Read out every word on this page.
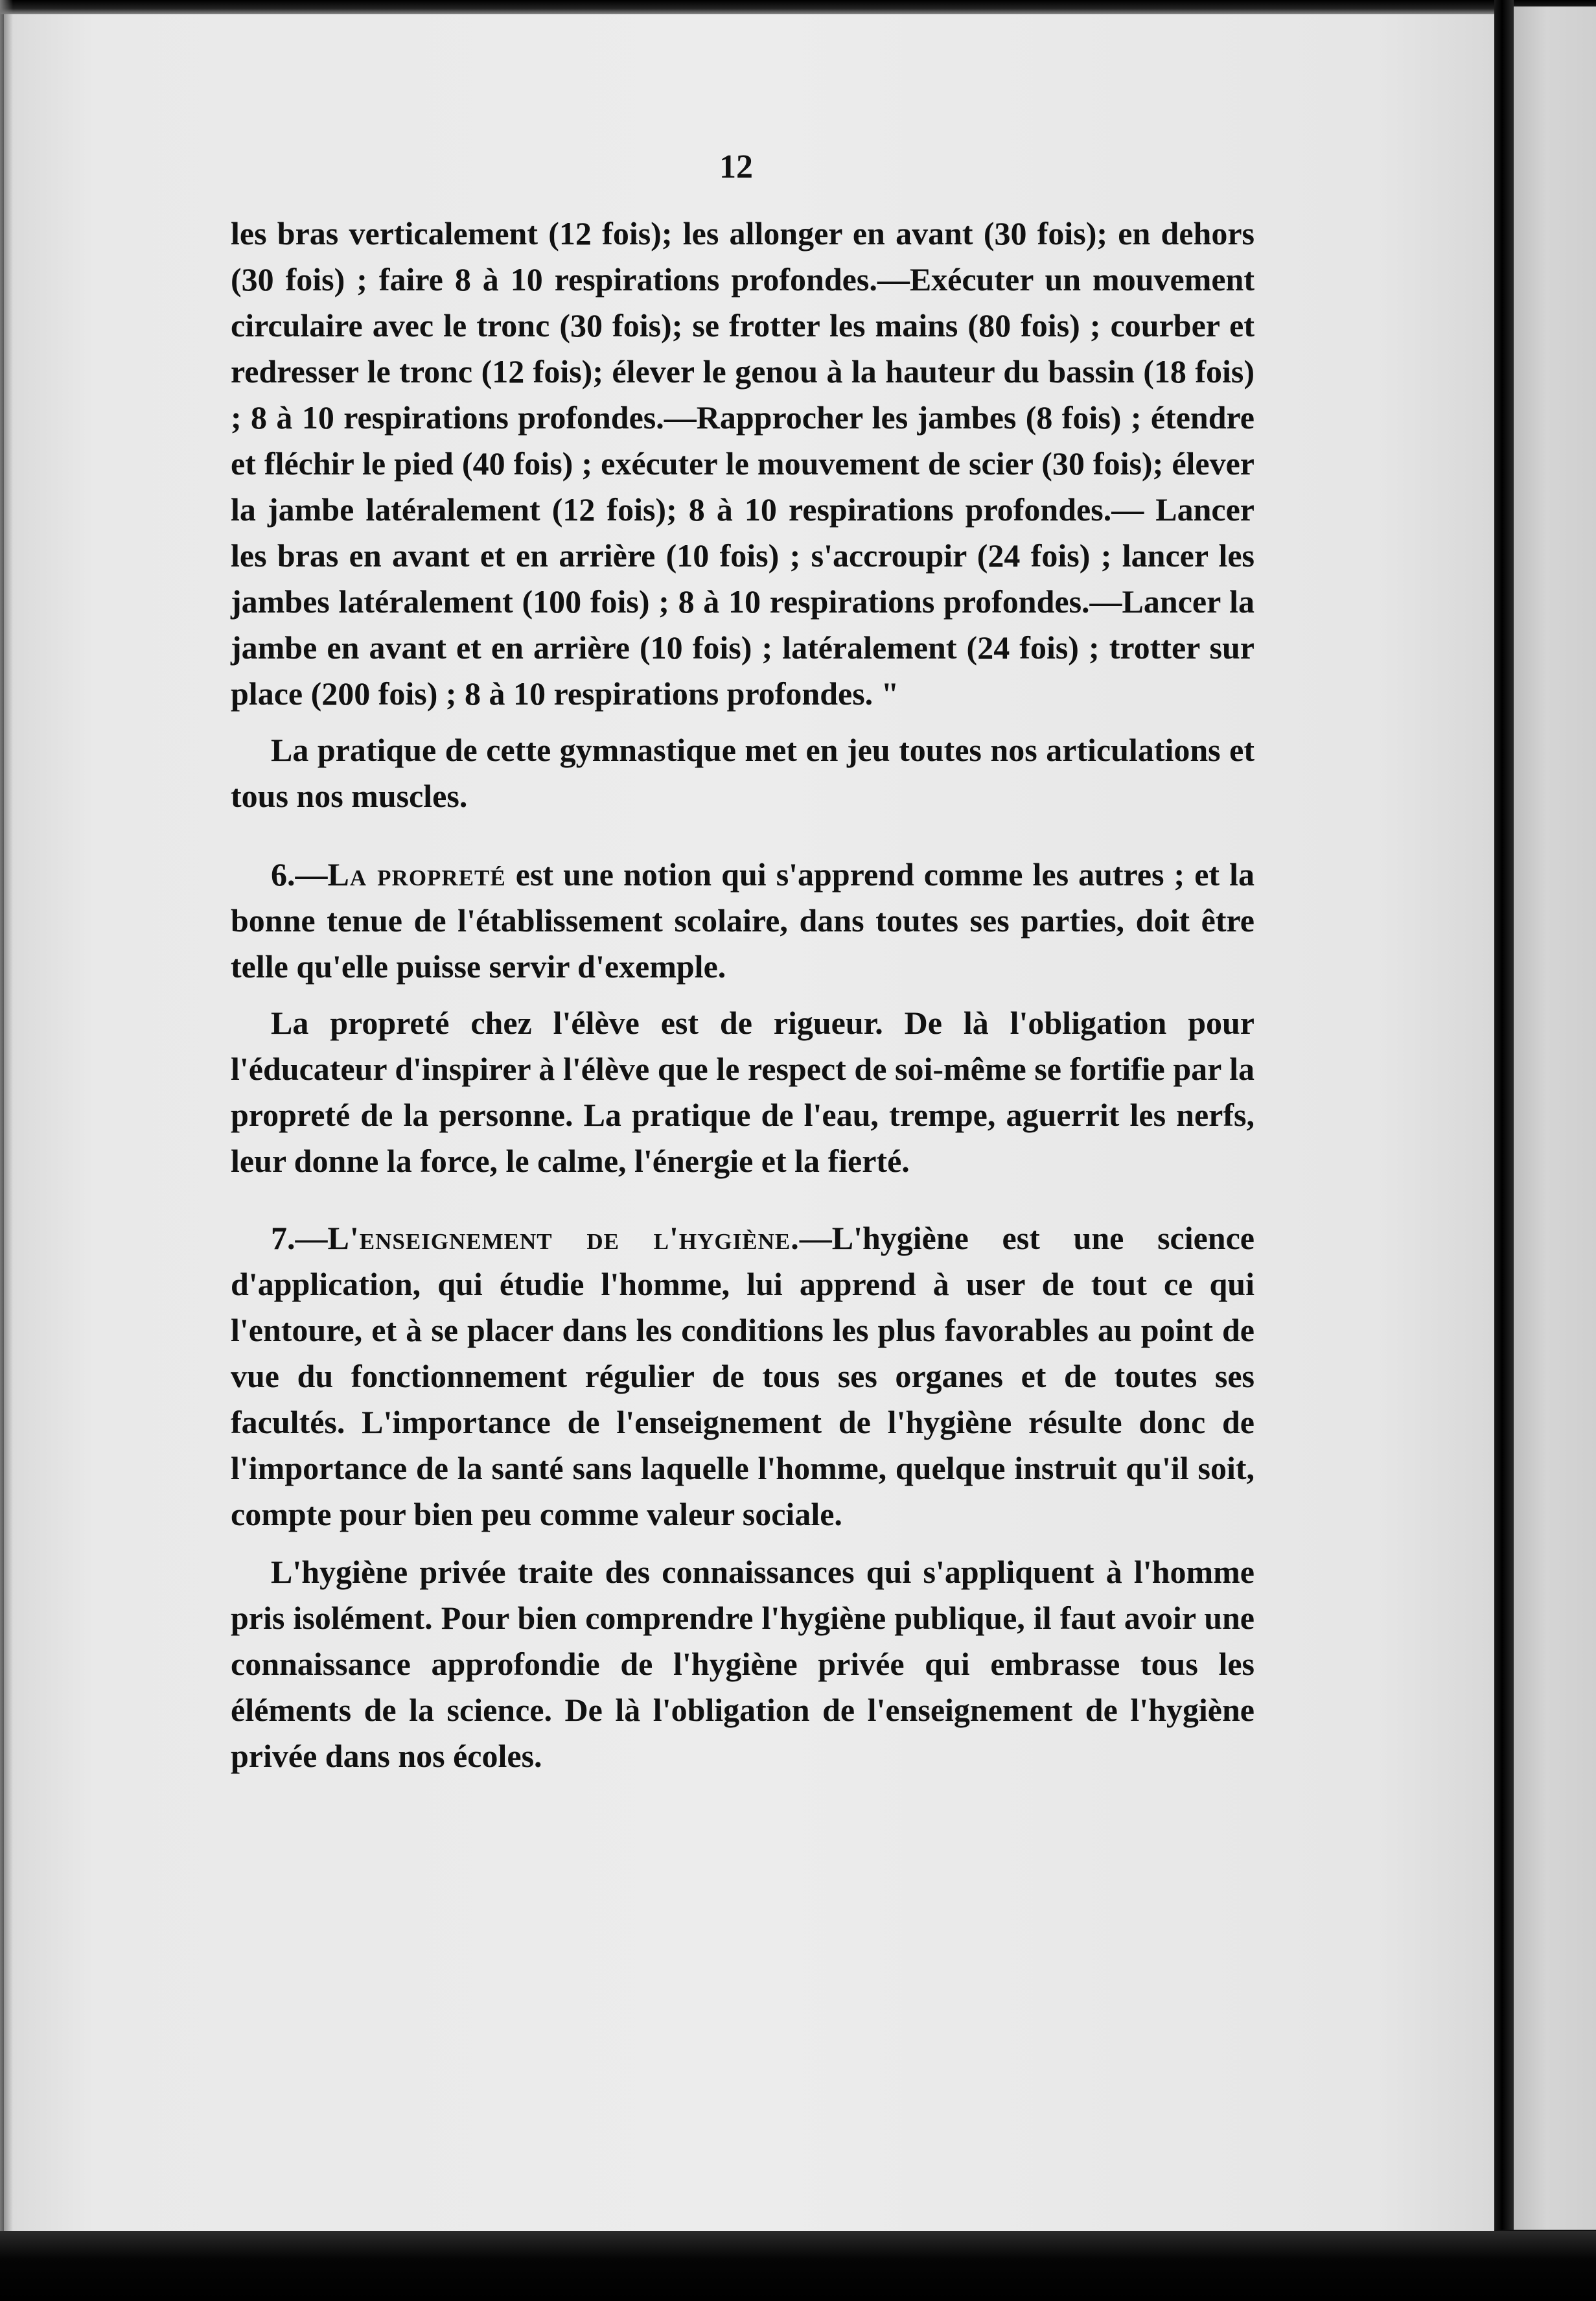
12

les bras verticalement (12 fois); les allonger en avant (30 fois); en dehors (30 fois) ; faire 8 à 10 respirations profondes.—Exécuter un mouvement circulaire avec le tronc (30 fois); se frotter les mains (80 fois) ; courber et redresser le tronc (12 fois); élever le genou à la hauteur du bassin (18 fois) ; 8 à 10 respirations profondes.—Rapprocher les jambes (8 fois) ; étendre et fléchir le pied (40 fois) ; exécuter le mouvement de scier (30 fois); élever la jambe latéralement (12 fois); 8 à 10 respirations profondes.— Lancer les bras en avant et en arrière (10 fois) ; s'accroupir (24 fois) ; lancer les jambes latéralement (100 fois) ; 8 à 10 respirations profondes.—Lancer la jambe en avant et en arrière (10 fois) ; latéralement (24 fois) ; trotter sur place (200 fois) ; 8 à 10 respirations profondes. "

La pratique de cette gymnastique met en jeu toutes nos articulations et tous nos muscles.

6.—La propreté est une notion qui s'apprend comme les autres ; et la bonne tenue de l'établissement scolaire, dans toutes ses parties, doit être telle qu'elle puisse servir d'exemple.

La propreté chez l'élève est de rigueur. De là l'obligation pour l'éducateur d'inspirer à l'élève que le respect de soi-même se fortifie par la propreté de la personne. La pratique de l'eau, trempe, aguerrit les nerfs, leur donne la force, le calme, l'énergie et la fierté.

7.—L'enseignement de l'hygiène.—L'hygiène est une science d'application, qui étudie l'homme, lui apprend à user de tout ce qui l'entoure, et à se placer dans les conditions les plus favorables au point de vue du fonctionnement régulier de tous ses organes et de toutes ses facultés. L'importance de l'enseignement de l'hygiène résulte donc de l'importance de la santé sans laquelle l'homme, quelque instruit qu'il soit, compte pour bien peu comme valeur sociale.

L'hygiène privée traite des connaissances qui s'appliquent à l'homme pris isolément. Pour bien comprendre l'hygiène publique, il faut avoir une connaissance approfondie de l'hygiène privée qui embrasse tous les éléments de la science. De là l'obligation de l'enseignement de l'hygiène privée dans nos écoles.
